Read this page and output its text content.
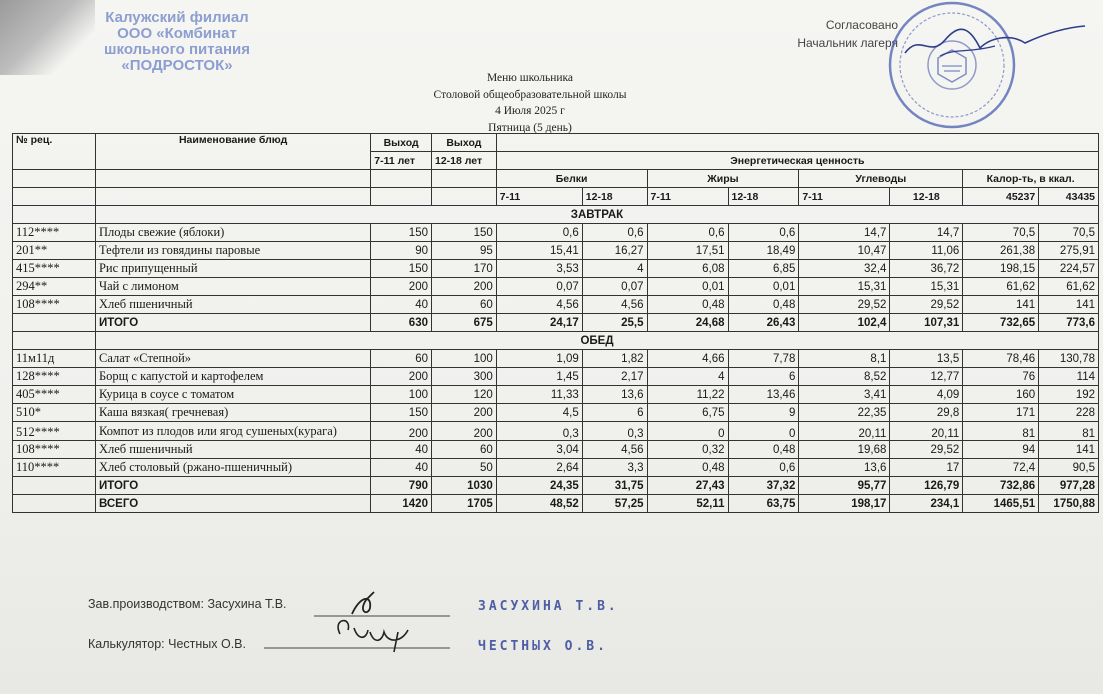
Калужский филиал
ООО «Комбинат
школьного питания
«ПОДРОСТОК»
Согласовано
Начальник лагеря
Меню школьника
Столовой общеобразовательной школы
4 Июля 2025 г
Пятница (5 день)
№ рец.	Наименование блюд	Выход	Выход								
		7-11 лет	12-18 лет	Энергетическая ценность							
				Белки		Жиры		Углеводы		Калор-ть, в ккал.	
				7-11	12-18	7-11	12-18	7-11	12-18	45237	43435
	ЗАВТРАК										
112****	Плоды свежие (яблоки)	150	150	0,6	0,6	0,6	0,6	14,7	14,7	70,5	70,5
201**	Тефтели из говядины паровые	90	95	15,41	16,27	17,51	18,49	10,47	11,06	261,38	275,91
415****	Рис припущенный	150	170	3,53	4	6,08	6,85	32,4	36,72	198,15	224,57
294**	Чай с лимоном	200	200	0,07	0,07	0,01	0,01	15,31	15,31	61,62	61,62
108****	Хлеб пшеничный	40	60	4,56	4,56	0,48	0,48	29,52	29,52	141	141
	ИТОГО	630	675	24,17	25,5	24,68	26,43	102,4	107,31	732,65	773,6
	ОБЕД										
11м11д	Салат «Степной»	60	100	1,09	1,82	4,66	7,78	8,1	13,5	78,46	130,78
128****	Борщ с капустой и картофелем	200	300	1,45	2,17	4	6	8,52	12,77	76	114
405****	Курица в соусе с томатом	100	120	11,33	13,6	11,22	13,46	3,41	4,09	160	192
510*	Каша вязкая( гречневая)	150	200	4,5	6	6,75	9	22,35	29,8	171	228
512****	Компот из плодов или ягод сушеных(курага)	200	200	0,3	0,3	0	0	20,11	20,11	81	81
108****	Хлеб пшеничный	40	60	3,04	4,56	0,32	0,48	19,68	29,52	94	141
110****	Хлеб столовый (ржано-пшеничный)	40	50	2,64	3,3	0,48	0,6	13,6	17	72,4	90,5
	ИТОГО	790	1030	24,35	31,75	27,43	37,32	95,77	126,79	732,86	977,28
	ВСЕГО	1420	1705	48,52	57,25	52,11	63,75	198,17	234,1	1465,51	1750,88
Зав.производством: Засухина Т.В.	ЗАСУХИНА Т.В.
Калькулятор: Честных О.В.	ЧЕСТНЫХ О.В.
